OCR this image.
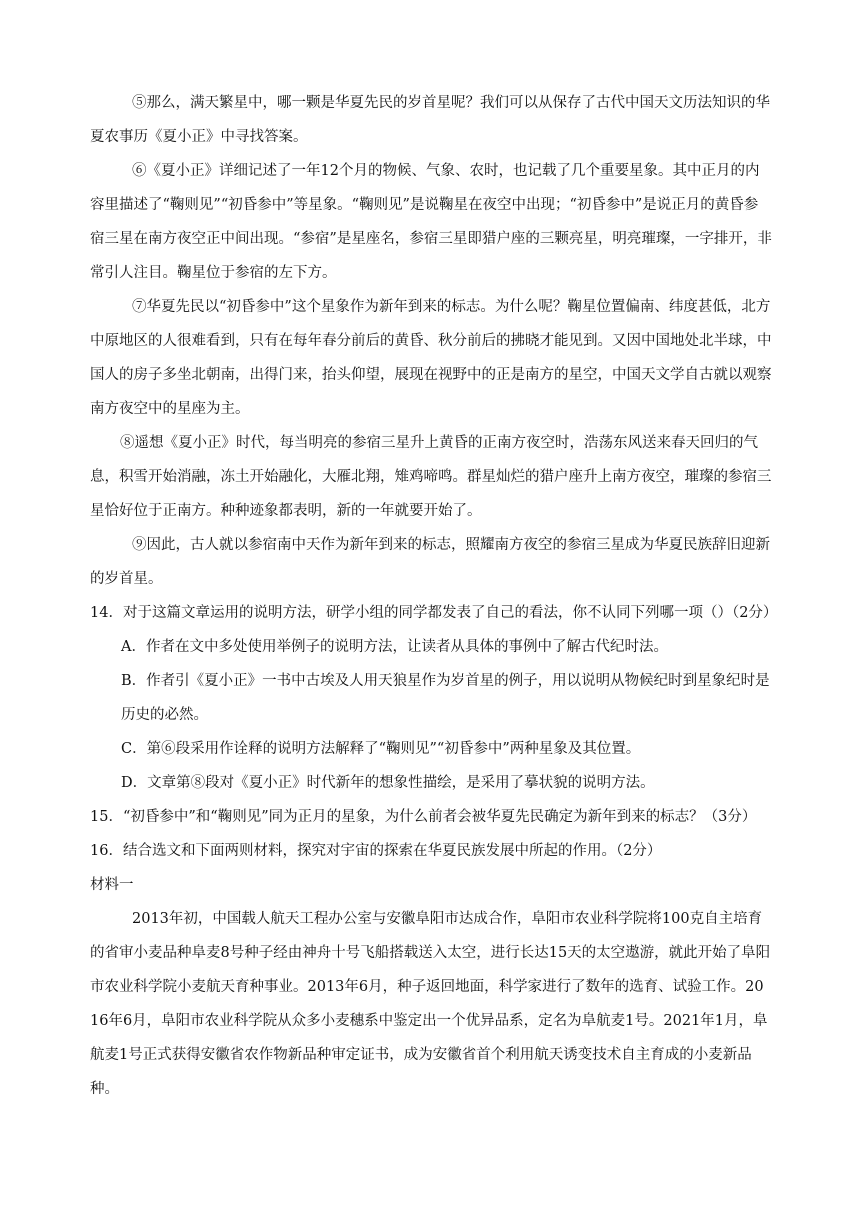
⑤那么，满天繁星中，哪一颗是华夏先民的岁首星呢？我们可以从保存了古代中国天文历法知识的华夏农事历《夏小正》中寻找答案。

⑥《夏小正》详细记述了一年12个月的物候、气象、农时，也记载了几个重要星象。其中正月的内容里描述了“鞠则见”“初昏参中”等星象。“鞠则见”是说鞠星在夜空中出现；“初昏参中”是说正月的黄昏参宿三星在南方夜空正中间出现。“参宿”是星座名，参宿三星即猎户座的三颗亮星，明亮璀璨，一字排开，非常引人注目。鞠星位于参宿的左下方。

⑦华夏先民以“初昏参中”这个星象作为新年到来的标志。为什么呢？鞠星位置偏南、纬度甚低，北方中原地区的人很难看到，只有在每年春分前后的黄昏、秋分前后的拂晓才能见到。又因中国地处北半球，中国人的房子多坐北朝南，出得门来，抬头仰望，展现在视野中的正是南方的星空，中国天文学自古就以观察南方夜空中的星座为主。

⑧遥想《夏小正》时代，每当明亮的参宿三星升上黄昏的正南方夜空时，浩荡东风送来春天回归的气息，积雪开始消融，冻土开始融化，大雁北翔，雉鸡啼鸣。群星灿烂的猎户座升上南方夜空，璀璨的参宿三星恰好位于正南方。种种迹象都表明，新的一年就要开始了。

⑨因此，古人就以参宿南中天作为新年到来的标志，照耀南方夜空的参宿三星成为华夏民族辞旧迎新的岁首星。

14．对于这篇文章运用的说明方法，研学小组的同学都发表了自己的看法，你不认同下列哪一项（）（2分）

A．作者在文中多处使用举例子的说明方法，让读者从具体的事例中了解古代纪时法。

B．作者引《夏小正》一书中古埃及人用天狼星作为岁首星的例子，用以说明从物候纪时到星象纪时是历史的必然。

C．第⑥段采用作诠释的说明方法解释了“鞠则见”“初昏参中”两种星象及其位置。

D．文章第⑧段对《夏小正》时代新年的想象性描绘，是采用了摹状貌的说明方法。

15．“初昏参中”和“鞠则见”同为正月的星象，为什么前者会被华夏先民确定为新年到来的标志？（3分）

16．结合选文和下面两则材料，探究对宇宙的探索在华夏民族发展中所起的作用。（2分）

材料一

2013年初，中国载人航天工程办公室与安徽阜阳市达成合作，阜阳市农业科学院将100克自主培育的省审小麦品种阜麦8号种子经由神舟十号飞船搭载送入太空，进行长达15天的太空遨游，就此开始了阜阳市农业科学院小麦航天育种事业。2013年6月，种子返回地面，科学家进行了数年的选育、试验工作。2016年6月，阜阳市农业科学院从众多小麦穗系中鉴定出一个优异品系，定名为阜航麦1号。2021年1月，阜航麦1号正式获得安徽省农作物新品种审定证书，成为安徽省首个利用航天诱变技术自主育成的小麦新品种。
